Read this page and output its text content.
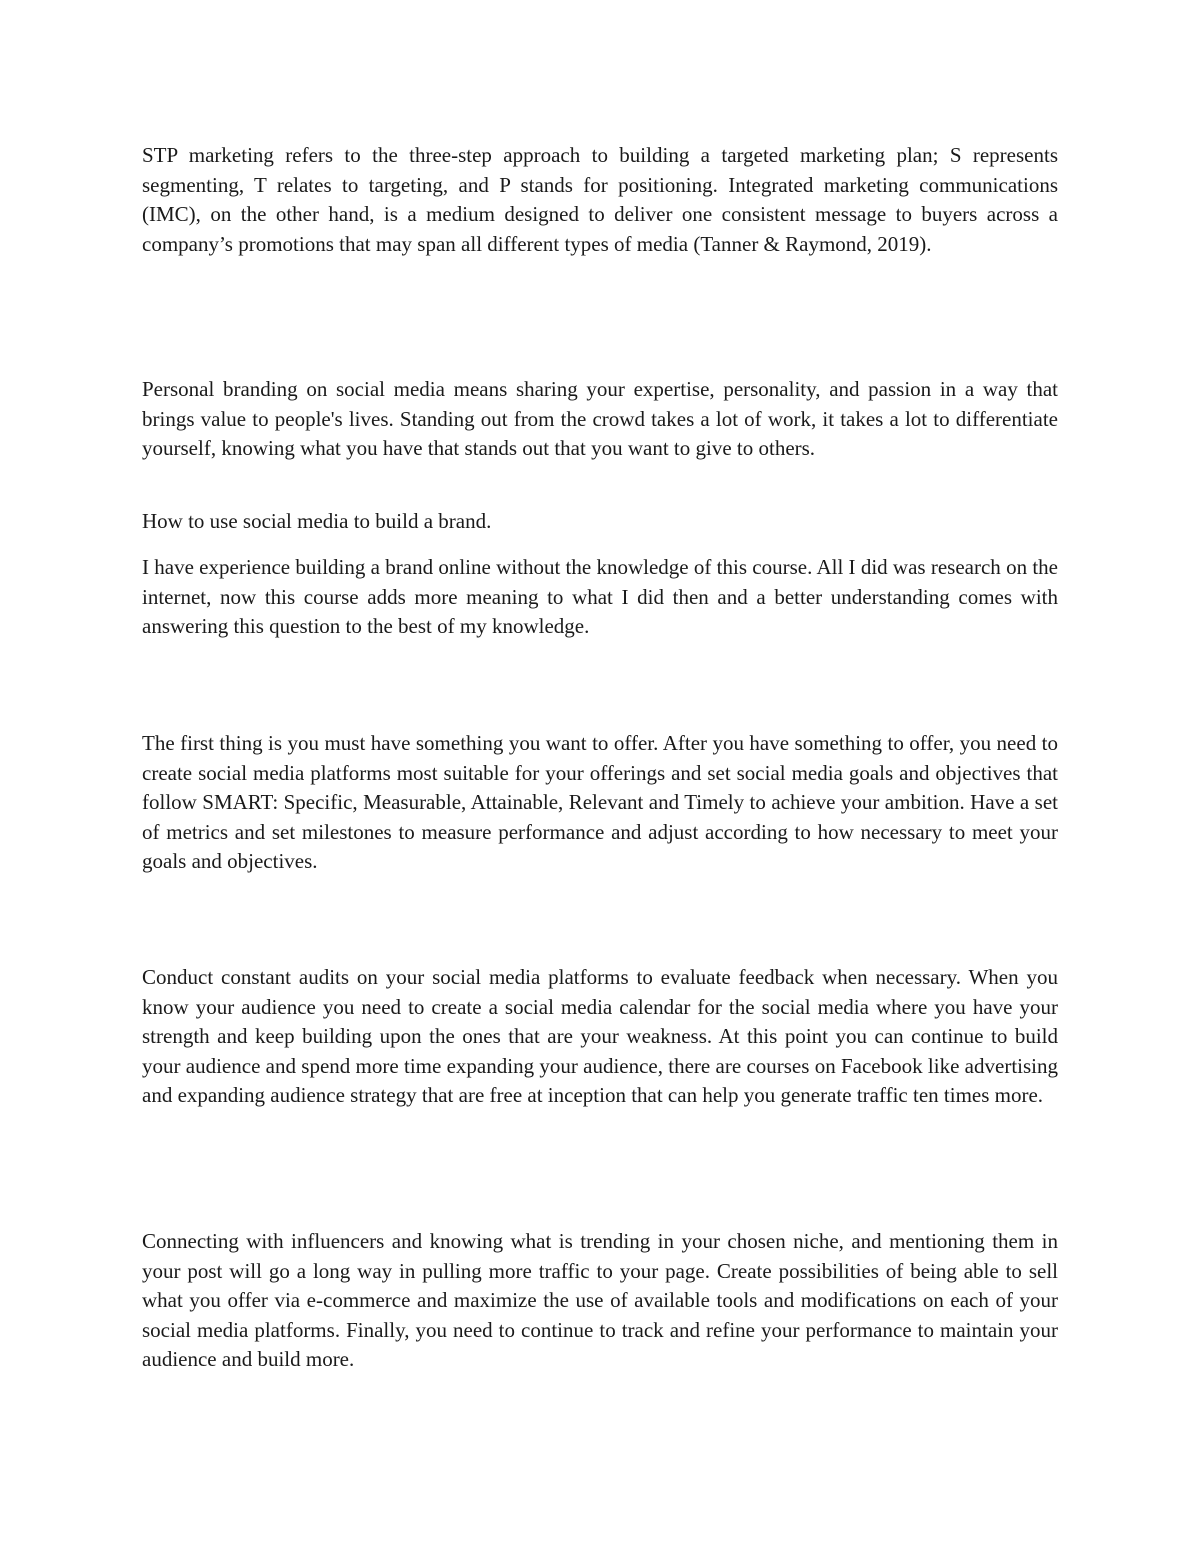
STP marketing refers to the three-step approach to building a targeted marketing plan; S represents segmenting, T relates to targeting, and P stands for positioning. Integrated marketing communications (IMC), on the other hand, is a medium designed to deliver one consistent message to buyers across a company’s promotions that may span all different types of media (Tanner & Raymond, 2019).

Personal branding on social media means sharing your expertise, personality, and passion in a way that brings value to people's lives. Standing out from the crowd takes a lot of work, it takes a lot to differentiate yourself, knowing what you have that stands out that you want to give to others.

How to use social media to build a brand.

I have experience building a brand online without the knowledge of this course. All I did was research on the internet, now this course adds more meaning to what I did then and a better understanding comes with answering this question to the best of my knowledge.

The first thing is you must have something you want to offer. After you have something to offer, you need to create social media platforms most suitable for your offerings and set social media goals and objectives that follow SMART: Specific, Measurable, Attainable, Relevant and Timely to achieve your ambition. Have a set of metrics and set milestones to measure performance and adjust according to how necessary to meet your goals and objectives.

Conduct constant audits on your social media platforms to evaluate feedback when necessary. When you know your audience you need to create a social media calendar for the social media where you have your strength and keep building upon the ones that are your weakness. At this point you can continue to build your audience and spend more time expanding your audience, there are courses on Facebook like advertising and expanding audience strategy that are free at inception that can help you generate traffic ten times more.

Connecting with influencers and knowing what is trending in your chosen niche, and mentioning them in your post will go a long way in pulling more traffic to your page. Create possibilities of being able to sell what you offer via e-commerce and maximize the use of available tools and modifications on each of your social media platforms. Finally, you need to continue to track and refine your performance to maintain your audience and build more.
